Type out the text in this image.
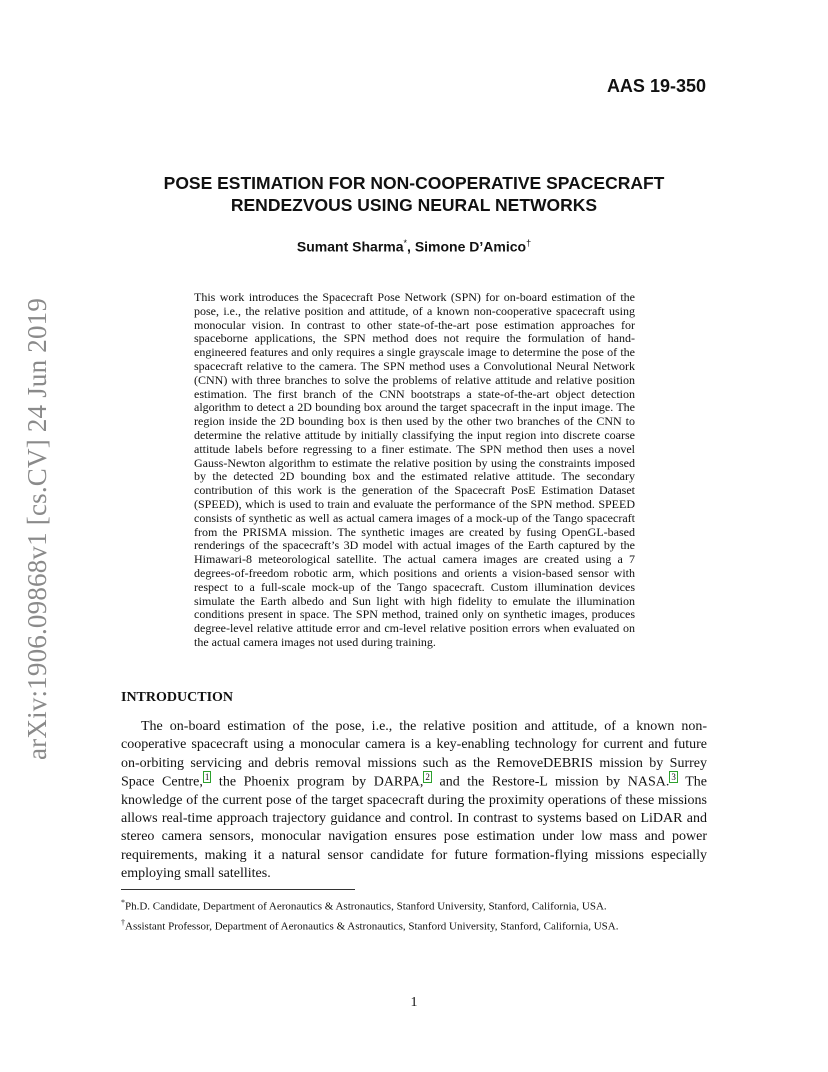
AAS 19-350
arXiv:1906.09868v1 [cs.CV] 24 Jun 2019
POSE ESTIMATION FOR NON-COOPERATIVE SPACECRAFT
RENDEZVOUS USING NEURAL NETWORKS
Sumant Sharma*, Simone D’Amico†
This work introduces the Spacecraft Pose Network (SPN) for on-board estimation of the pose, i.e., the relative position and attitude, of a known non-cooperative spacecraft using monocular vision. In contrast to other state-of-the-art pose estimation approaches for spaceborne applications, the SPN method does not require the formulation of hand-engineered features and only requires a single grayscale image to determine the pose of the spacecraft relative to the camera. The SPN method uses a Convolutional Neural Network (CNN) with three branches to solve the problems of relative attitude and relative position estimation. The first branch of the CNN bootstraps a state-of-the-art object detection algorithm to detect a 2D bounding box around the target spacecraft in the input image. The region inside the 2D bounding box is then used by the other two branches of the CNN to determine the relative attitude by initially classifying the input region into discrete coarse attitude labels before regressing to a finer estimate. The SPN method then uses a novel Gauss-Newton algorithm to estimate the relative position by using the constraints imposed by the detected 2D bounding box and the estimated relative attitude. The secondary contribution of this work is the generation of the Spacecraft PosE Estimation Dataset (SPEED), which is used to train and evaluate the performance of the SPN method. SPEED consists of synthetic as well as actual camera images of a mock-up of the Tango spacecraft from the PRISMA mission. The synthetic images are created by fusing OpenGL-based renderings of the spacecraft’s 3D model with actual images of the Earth captured by the Himawari-8 meteorological satellite. The actual camera images are created using a 7 degrees-of-freedom robotic arm, which positions and orients a vision-based sensor with respect to a full-scale mock-up of the Tango spacecraft. Custom illumination devices simulate the Earth albedo and Sun light with high fidelity to emulate the illumination conditions present in space. The SPN method, trained only on synthetic images, produces degree-level relative attitude error and cm-level relative position errors when evaluated on the actual camera images not used during training.
INTRODUCTION
The on-board estimation of the pose, i.e., the relative position and attitude, of a known non-cooperative spacecraft using a monocular camera is a key-enabling technology for current and future on-orbiting servicing and debris removal missions such as the RemoveDEBRIS mission by Surrey Space Centre, $^1$ the Phoenix program by DARPA, $^2$ and the Restore-L mission by NASA. $^3$ The knowledge of the current pose of the target spacecraft during the proximity operations of these missions allows real-time approach trajectory guidance and control. In contrast to systems based on LiDAR and stereo camera sensors, monocular navigation ensures pose estimation under low mass and power requirements, making it a natural sensor candidate for future formation-flying missions especially employing small satellites.
*Ph.D. Candidate, Department of Aeronautics & Astronautics, Stanford University, Stanford, California, USA.
†Assistant Professor, Department of Aeronautics & Astronautics, Stanford University, Stanford, California, USA.
1
